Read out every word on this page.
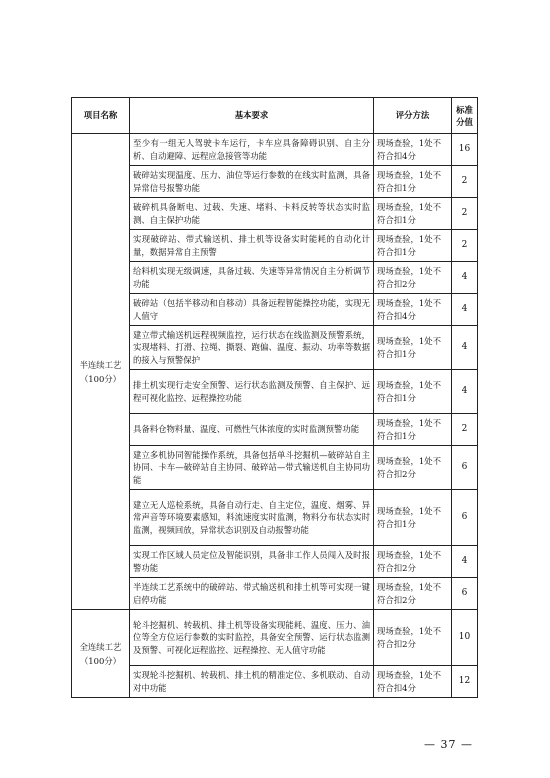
项目名称	基本要求	评分方法	标准分值
半连续工艺（100分）	至少有一组无人驾驶卡车运行，卡车应具备障碍识别、自主分析、自动避障、远程应急接管等功能	现场查验，1处不符合扣4分	16
	破碎站实现温度、压力、油位等运行参数的在线实时监测，具备异常信号报警功能	现场查验，1处不符合扣1分	2
	破碎机具备断电、过载、失速、堵料、卡料反转等状态实时监测、自主保护功能	现场查验，1处不符合扣1分	2
	实现破碎站、带式输送机、排土机等设备实时能耗的自动化计量，数据异常自主预警	现场查验，1处不符合扣1分	2
	给料机实现无级调速，具备过载、失速等异常情况自主分析调节功能	现场查验，1处不符合扣2分	4
	破碎站（包括半移动和自移动）具备远程智能操控功能，实现无人值守	现场查验，1处不符合扣4分	4
	建立带式输送机远程视频监控，运行状态在线监测及预警系统，实现堵料、打滑、拉绳、撕裂、跑偏、温度、振动、功率等数据的接入与预警保护	现场查验，1处不符合扣1分	4
	排土机实现行走安全预警、运行状态监测及预警、自主保护、远程可视化监控、远程操控功能	现场查验，1处不符合扣1分	4
	具备料仓物料量、温度、可燃性气体浓度的实时监测预警功能	现场查验，1处不符合扣1分	2
	建立多机协同智能操作系统，具备包括单斗挖掘机—破碎站自主协同、卡车—破碎站自主协同、破碎站—带式输送机自主协同功能	现场查验，1处不符合扣2分	6
	建立无人巡检系统，具备自动行走、自主定位，温度、烟雾、异常声音等环境要素感知，料流速度实时监测，物料分布状态实时监测，视频回放，异常状态识别及自动报警功能	现场查验，1处不符合扣1分	6
	实现工作区域人员定位及智能识别，具备非工作人员闯入及时报警功能	现场查验，1处不符合扣2分	4
	半连续工艺系统中的破碎站、带式输送机和排土机等可实现一键启停功能	现场查验，1处不符合扣2分	6
全连续工艺（100分）	轮斗挖掘机、转载机、排土机等设备实现能耗、温度、压力、油位等全方位运行参数的实时监控，具备安全预警、运行状态监测及预警、可视化远程监控、远程操控、无人值守功能	现场查验，1处不符合扣2分	10
	实现轮斗挖掘机、转载机、排土机的精准定位、多机联动、自动对中功能	现场查验，1处不符合扣4分	12
— 37 —
